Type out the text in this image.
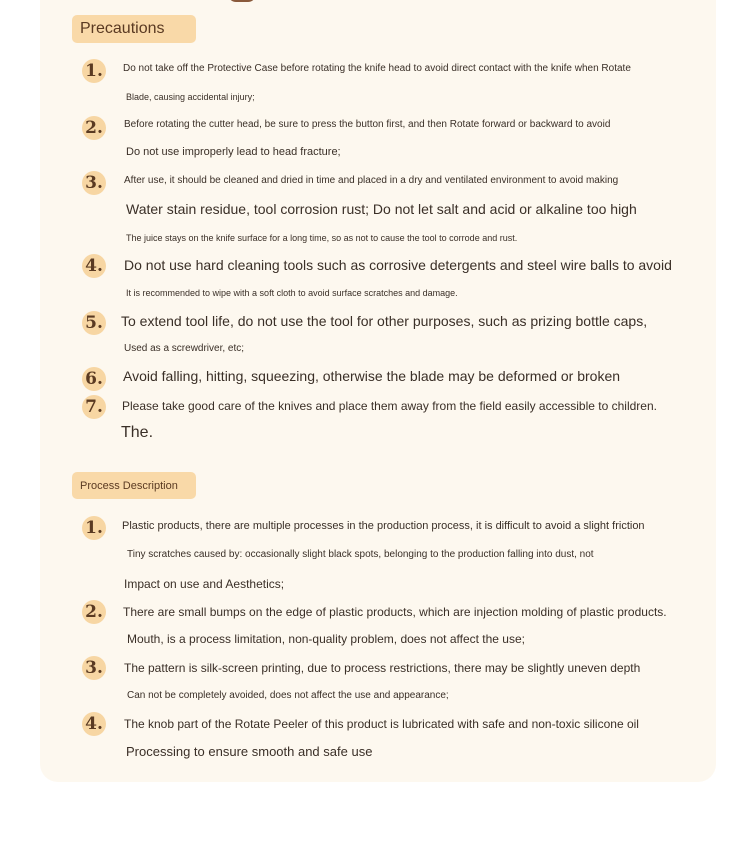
Precautions
1.	Do not take off the Protective Case before rotating the knife head to avoid direct contact with the knife when Rotate
Blade, causing accidental injury;
2.	Before rotating the cutter head, be sure to press the button first, and then Rotate forward or backward to avoid
Do not use improperly lead to head fracture;
3.	After use, it should be cleaned and dried in time and placed in a dry and ventilated environment to avoid making
Water stain residue, tool corrosion rust; Do not let salt and acid or alkaline too high
The juice stays on the knife surface for a long time, so as not to cause the tool to corrode and rust.
4. Do not use hard cleaning tools such as corrosive detergents and steel wire balls to avoid
It is recommended to wipe with a soft cloth to avoid surface scratches and damage.
5. To extend tool life, do not use the tool for other purposes, such as prizing bottle caps,
Used as a screwdriver, etc;
6. Avoid falling, hitting, squeezing, otherwise the blade may be deformed or broken
7. Please take good care of the knives and place them away from the field easily accessible to children.
The.
Process Description
1. Plastic products, there are multiple processes in the production process, it is difficult to avoid a slight friction
Tiny scratches caused by: occasionally slight black spots, belonging to the production falling into dust, not
Impact on use and Aesthetics;
2. There are small bumps on the edge of plastic products, which are injection molding of plastic products.
Mouth, is a process limitation, non-quality problem, does not affect the use;
3. The pattern is silk-screen printing, due to process restrictions, there may be slightly uneven depth
Can not be completely avoided, does not affect the use and appearance;
4. The knob part of the Rotate Peeler of this product is lubricated with safe and non-toxic silicone oil
Processing to ensure smooth and safe use
